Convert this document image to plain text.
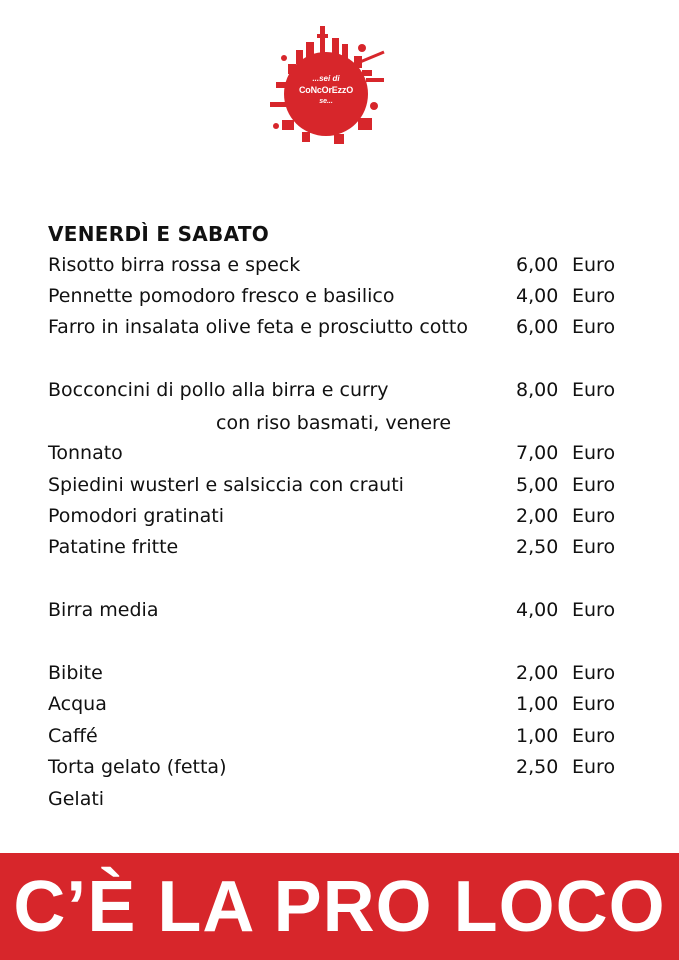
...sei di
CoNcOrEzzO
se...
VENERDÌ E SABATO
Risotto birra rossa e speck	6,00 Euro
Pennette pomodoro fresco e basilico	4,00 Euro
Farro in insalata olive feta e prosciutto cotto	6,00 Euro
Bocconcini di pollo alla birra e curry	8,00 Euro
con riso basmati, venere
Tonnato	7,00 Euro
Spiedini wusterl e salsiccia con crauti	5,00 Euro
Pomodori gratinati	2,00 Euro
Patatine fritte	2,50 Euro
Birra media	4,00 Euro
Bibite	2,00 Euro
Acqua	1,00 Euro
Caffé	1,00 Euro
Torta gelato (fetta)	2,50 Euro
Gelati
C’È LA PRO LOCO
